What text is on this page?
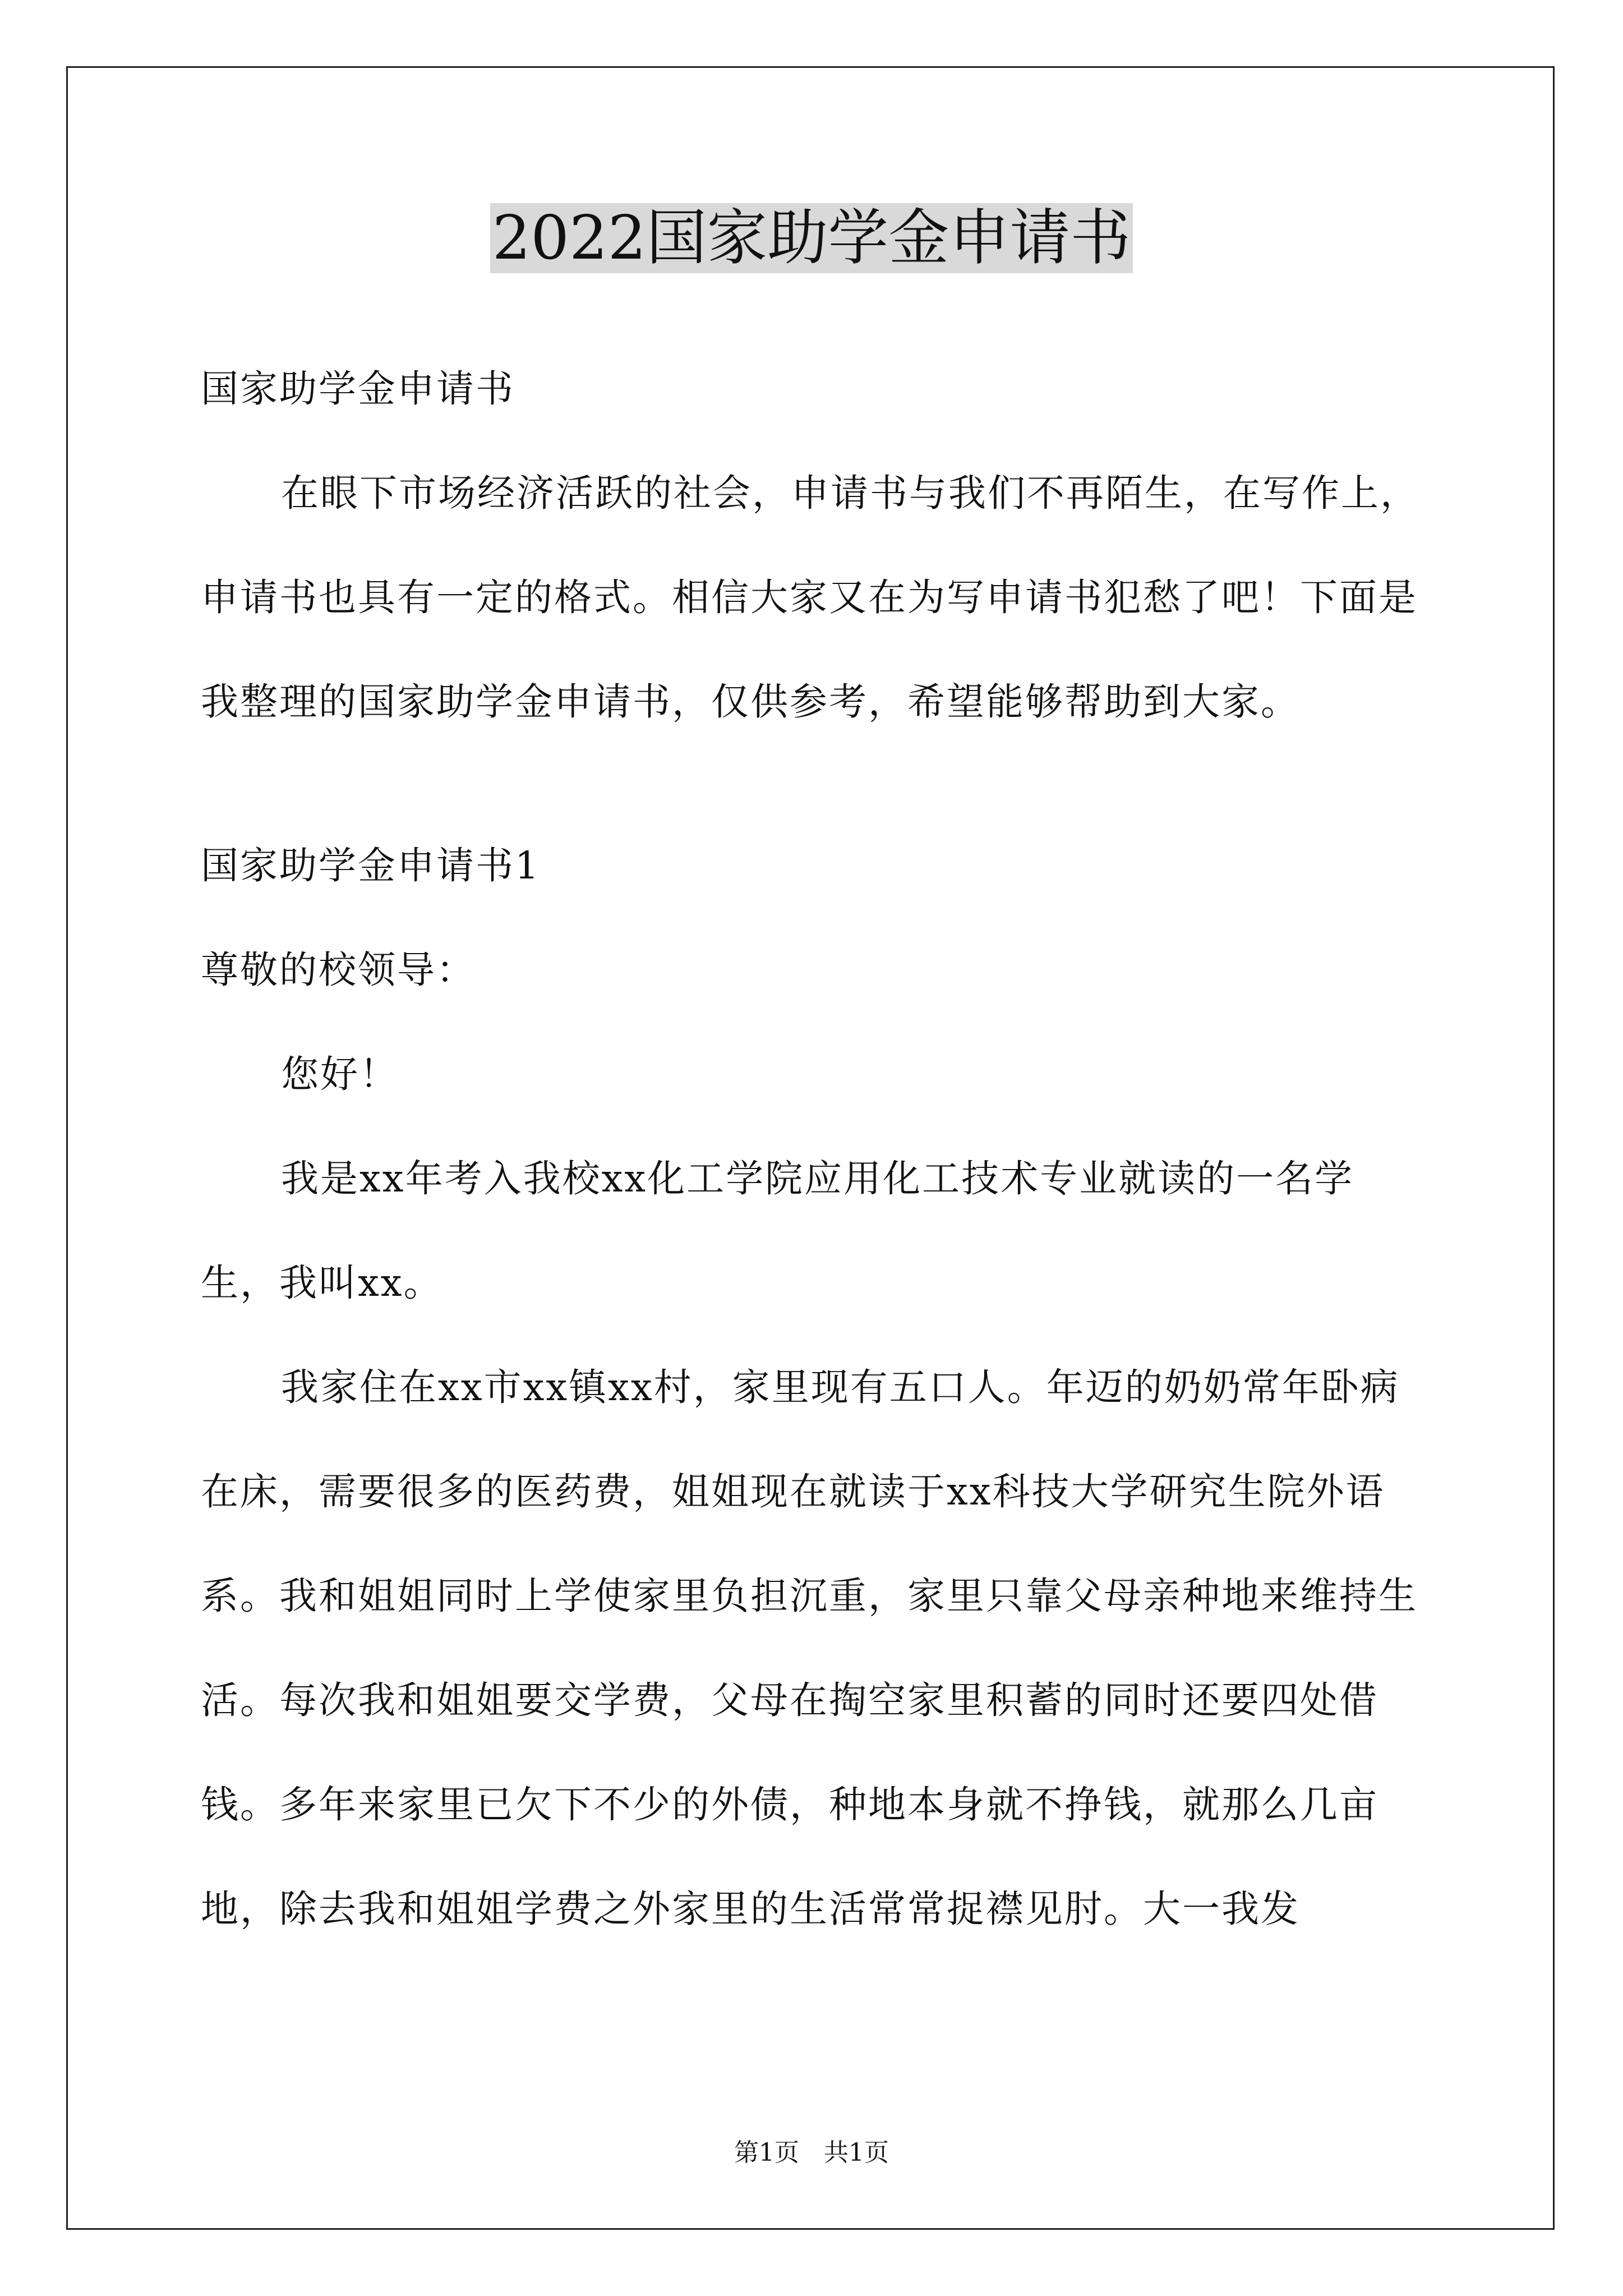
2022国家助学金申请书

国家助学金申请书

在眼下市场经济活跃的社会，申请书与我们不再陌生，在写作上，申请书也具有一定的格式。相信大家又在为写申请书犯愁了吧！下面是我整理的国家助学金申请书，仅供参考，希望能够帮助到大家。

国家助学金申请书1

尊敬的校领导：

您好！

我是xx年考入我校xx化工学院应用化工技术专业就读的一名学生，我叫xx。

我家住在xx市xx镇xx村，家里现有五口人。年迈的奶奶常年卧病在床，需要很多的医药费，姐姐现在就读于xx科技大学研究生院外语系。我和姐姐同时上学使家里负担沉重，家里只靠父母亲种地来维持生活。每次我和姐姐要交学费，父母在掏空家里积蓄的同时还要四处借钱。多年来家里已欠下不少的外债，种地本身就不挣钱，就那么几亩地，除去我和姐姐学费之外家里的生活常常捉襟见肘。大一我发

第1页　共1页
